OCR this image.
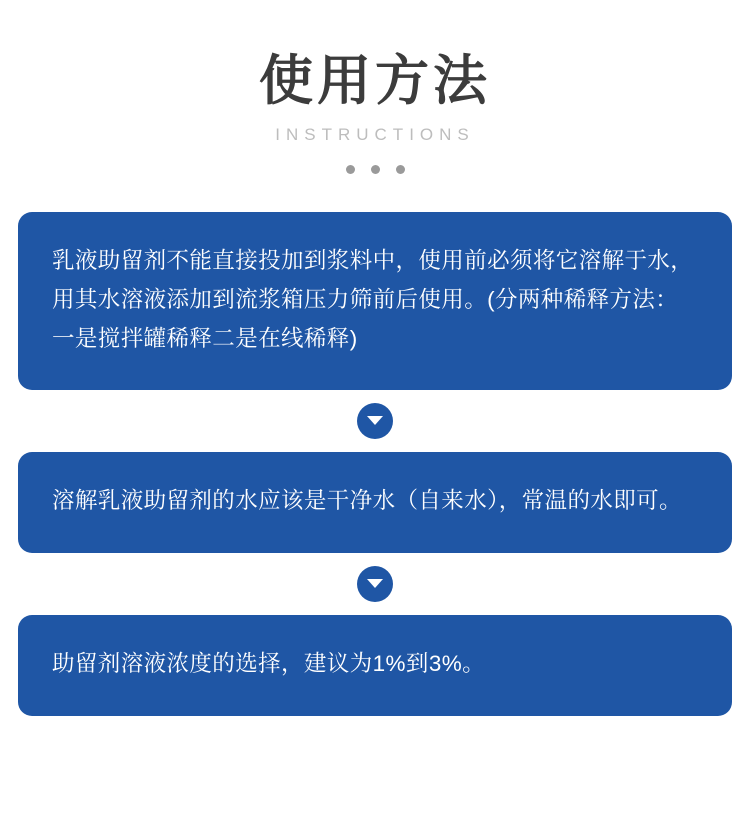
使用方法
INSTRUCTIONS

乳液助留剂不能直接投加到浆料中，使用前必须将它溶解于水，用其水溶液添加到流浆箱压力筛前后使用。(分两种稀释方法：一是搅拌罐稀释二是在线稀释)

溶解乳液助留剂的水应该是干净水（自来水），常温的水即可。

助留剂溶液浓度的选择，建议为1%到3%。
